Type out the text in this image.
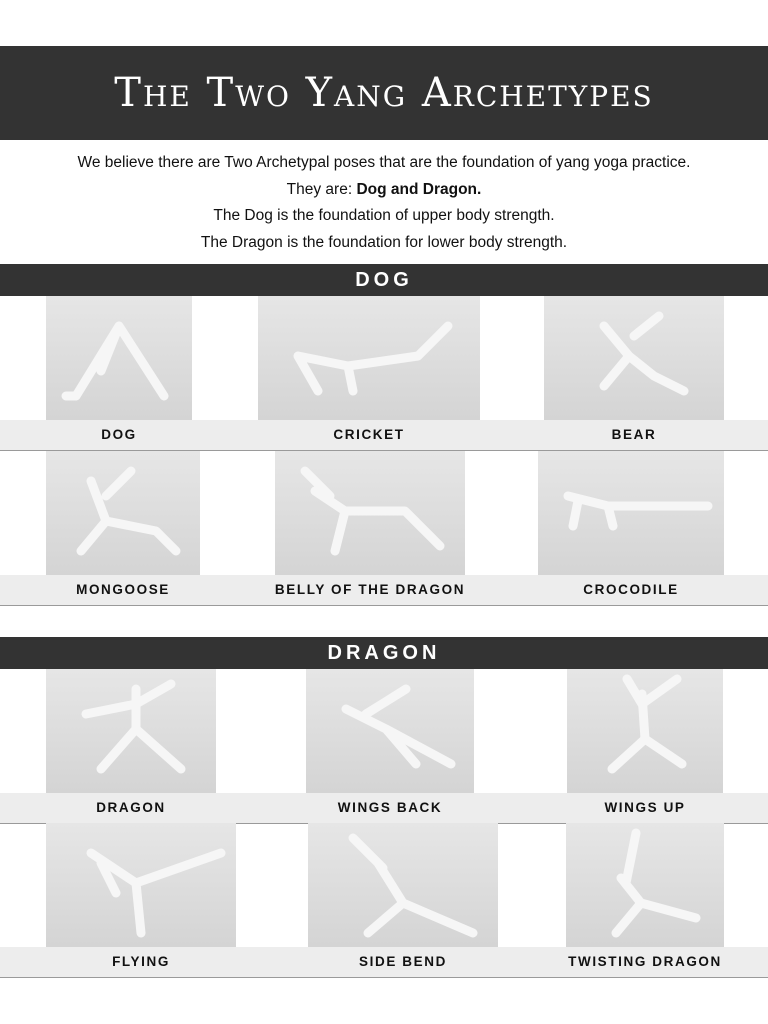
The Two Yang Archetypes

We believe there are Two Archetypal poses that are the foundation of yang yoga practice.

They are: Dog and Dragon.

The Dog is the foundation of upper body strength.

The Dragon is the foundation for lower body strength.

DOG
DOG	CRICKET	BEAR
MONGOOSE	BELLY OF THE DRAGON	CROCODILE
DRAGON
DRAGON	WINGS BACK	WINGS UP
FLYING	SIDE BEND	TWISTING DRAGON
